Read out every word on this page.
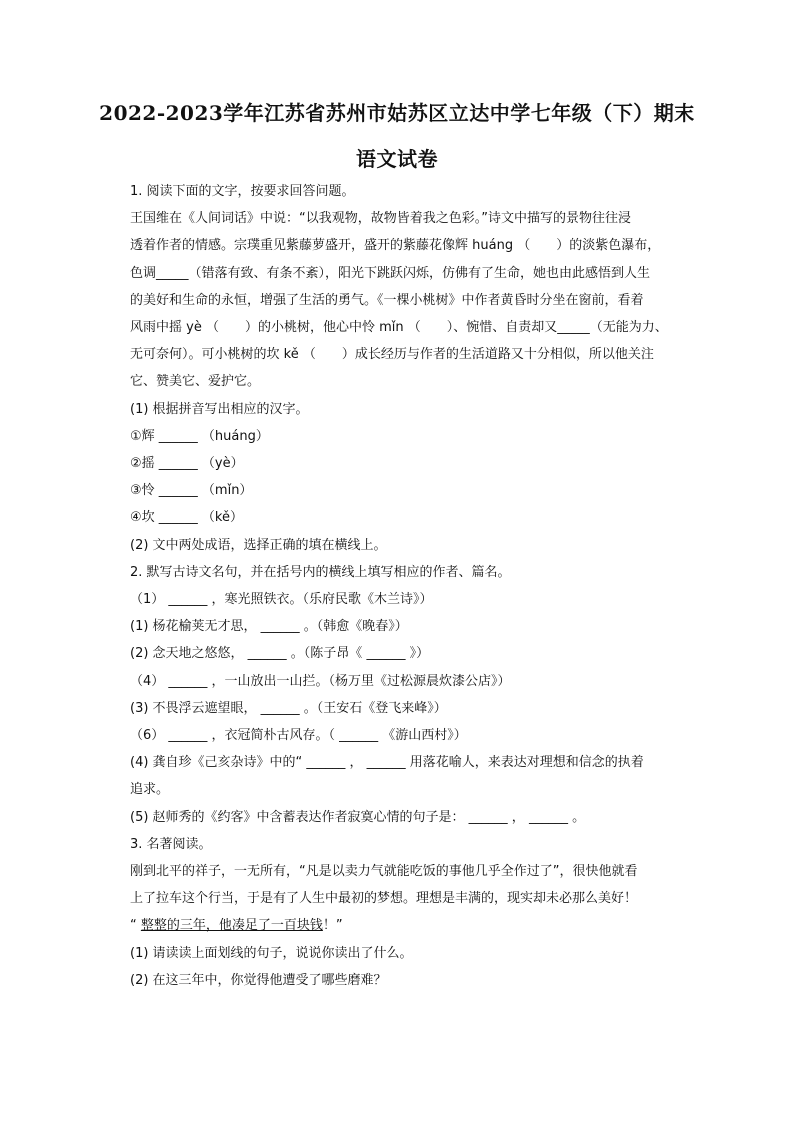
2022-2023学年江苏省苏州市姑苏区立达中学七年级（下）期末
语文试卷

1. 阅读下面的文字，按要求回答问题。

王国维在《人间词话》中说：“以我观物，故物皆着我之色彩。”诗文中描写的景物往往浸

透着作者的情感。宗璞重见紫藤萝盛开，盛开的紫藤花像辉 huáng （　　）的淡紫色瀑布，

色调_____（错落有致、有条不紊），阳光下跳跃闪烁，仿佛有了生命，她也由此感悟到人生

的美好和生命的永恒，增强了生活的勇气。《一棵小桃树》中作者黄昏时分坐在窗前，看着

风雨中摇 yè （　　）的小桃树，他心中怜 mǐn （　　）、惋惜、自责却又_____（无能为力、

无可奈何）。可小桃树的坎 kě （　　）成长经历与作者的生活道路又十分相似，所以他关注

它、赞美它、爱护它。

(1) 根据拼音写出相应的汉字。

①辉 ______ （huáng）

②摇 ______ （yè）

③怜 ______ （mǐn）

④坎 ______ （kě）

(2) 文中两处成语，选择正确的填在横线上。

2. 默写古诗文名句，并在括号内的横线上填写相应的作者、篇名。

（1） ______ ，寒光照铁衣。（乐府民歌《木兰诗》）

(1) 杨花榆荚无才思， ______ 。（韩愈《晚春》）

(2) 念天地之悠悠， ______ 。（陈子昂《 ______ 》）

（4） ______ ，一山放出一山拦。（杨万里《过松源晨炊漆公店》）

(3) 不畏浮云遮望眼， ______ 。（王安石《登飞来峰》）

（6） ______ ，衣冠简朴古风存。（ ______ 《游山西村》）

(4) 龚自珍《己亥杂诗》中的“ ______ ， ______ 用落花喻人，来表达对理想和信念的执着

追求。

(5) 赵师秀的《约客》中含蓄表达作者寂寞心情的句子是： ______ ， ______ 。

3. 名著阅读。

刚到北平的祥子，一无所有，“凡是以卖力气就能吃饭的事他几乎全作过了”，很快他就看

上了拉车这个行当，于是有了人生中最初的梦想。理想是丰满的，现实却未必那么美好！

“ 整整的三年，他凑足了一百块钱！”

(1) 请读读上面划线的句子，说说你读出了什么。

(2) 在这三年中，你觉得他遭受了哪些磨难？
